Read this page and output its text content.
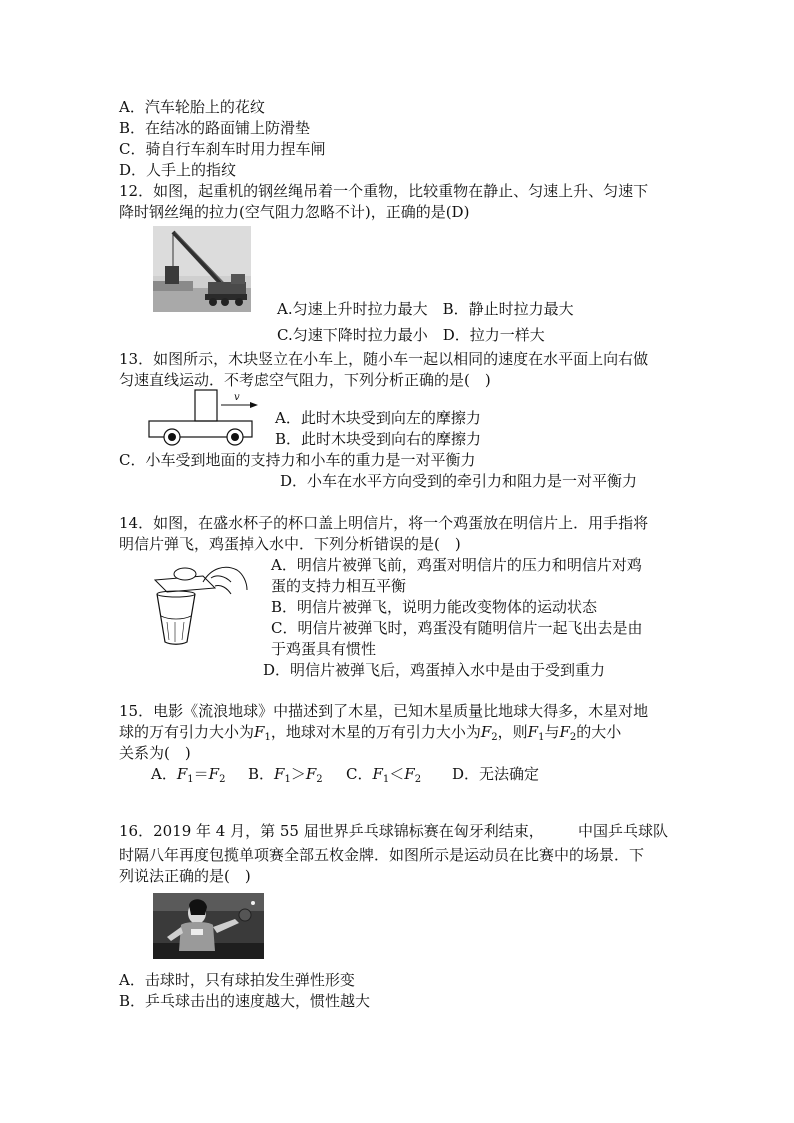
A．汽车轮胎上的花纹
B．在结冰的路面铺上防滑垫
C．骑自行车刹车时用力捏车闸
D．人手上的指纹
12．如图，起重机的钢丝绳吊着一个重物，比较重物在静止、匀速上升、匀速下
降时钢丝绳的拉力(空气阻力忽略不计)，正确的是(D)
A.匀速上升时拉力最大　B．静止时拉力最大
C.匀速下降时拉力最小　D．拉力一样大
13．如图所示，木块竖立在小车上，随小车一起以相同的速度在水平面上向右做
匀速直线运动．不考虑空气阻力，下列分析正确的是(　)
v
A．此时木块受到向左的摩擦力
B．此时木块受到向右的摩擦力
C．小车受到地面的支持力和小车的重力是一对平衡力
D．小车在水平方向受到的牵引力和阻力是一对平衡力
14．如图，在盛水杯子的杯口盖上明信片，将一个鸡蛋放在明信片上．用手指将
明信片弹飞，鸡蛋掉入水中．下列分析错误的是(　)
A．明信片被弹飞前，鸡蛋对明信片的压力和明信片对鸡
蛋的支持力相互平衡
B．明信片被弹飞，说明力能改变物体的运动状态
C．明信片被弹飞时，鸡蛋没有随明信片一起飞出去是由
于鸡蛋具有惯性
D．明信片被弹飞后，鸡蛋掉入水中是由于受到重力
15．电影《流浪地球》中描述到了木星，已知木星质量比地球大得多，木星对地
球的万有引力大小为$F_1$，地球对木星的万有引力大小为$F_2$，则$F_1$与$F_2$的大小
关系为(　)
A．$F_1=F_2$ B．$F_1>F_2$ C．$F_1<F_2$ D．无法确定
16．2019 年 4 月，第 55 届世界乒乓球锦标赛在匈牙利结束， 中国乒乓球队
时隔八年再度包揽单项赛全部五枚金牌．如图所示是运动员在比赛中的场景．下
列说法正确的是(　)
A．击球时，只有球拍发生弹性形变
B．乒乓球击出的速度越大，惯性越大
